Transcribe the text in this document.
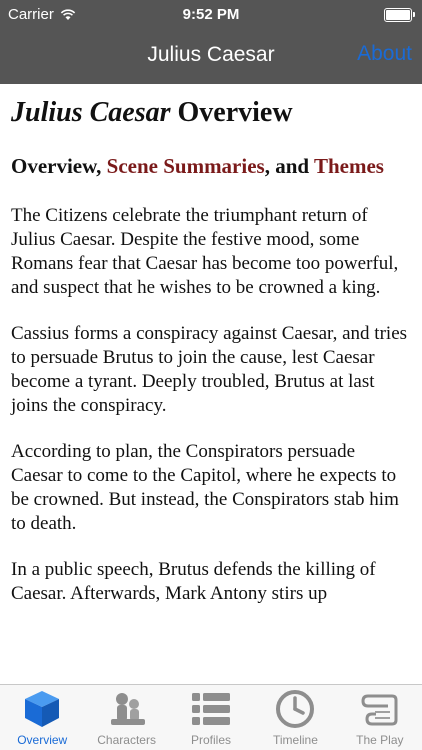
Carrier	9:52 PM
Julius Caesar	About
Julius Caesar Overview
Overview, Scene Summaries, and Themes

The Citizens celebrate the triumphant return of Julius Caesar. Despite the festive mood, some Romans fear that Caesar has become too powerful, and suspect that he wishes to be crowned a king.

Cassius forms a conspiracy against Caesar, and tries to persuade Brutus to join the cause, lest Caesar become a tyrant. Deeply troubled, Brutus at last joins the conspiracy.

According to plan, the Conspirators persuade Caesar to come to the Capitol, where he expects to be crowned. But instead, the Conspirators stab him to death.

In a public speech, Brutus defends the killing of Caesar. Afterwards, Mark Antony stirs up

Overview	Characters	Profiles	Timeline	The Play
